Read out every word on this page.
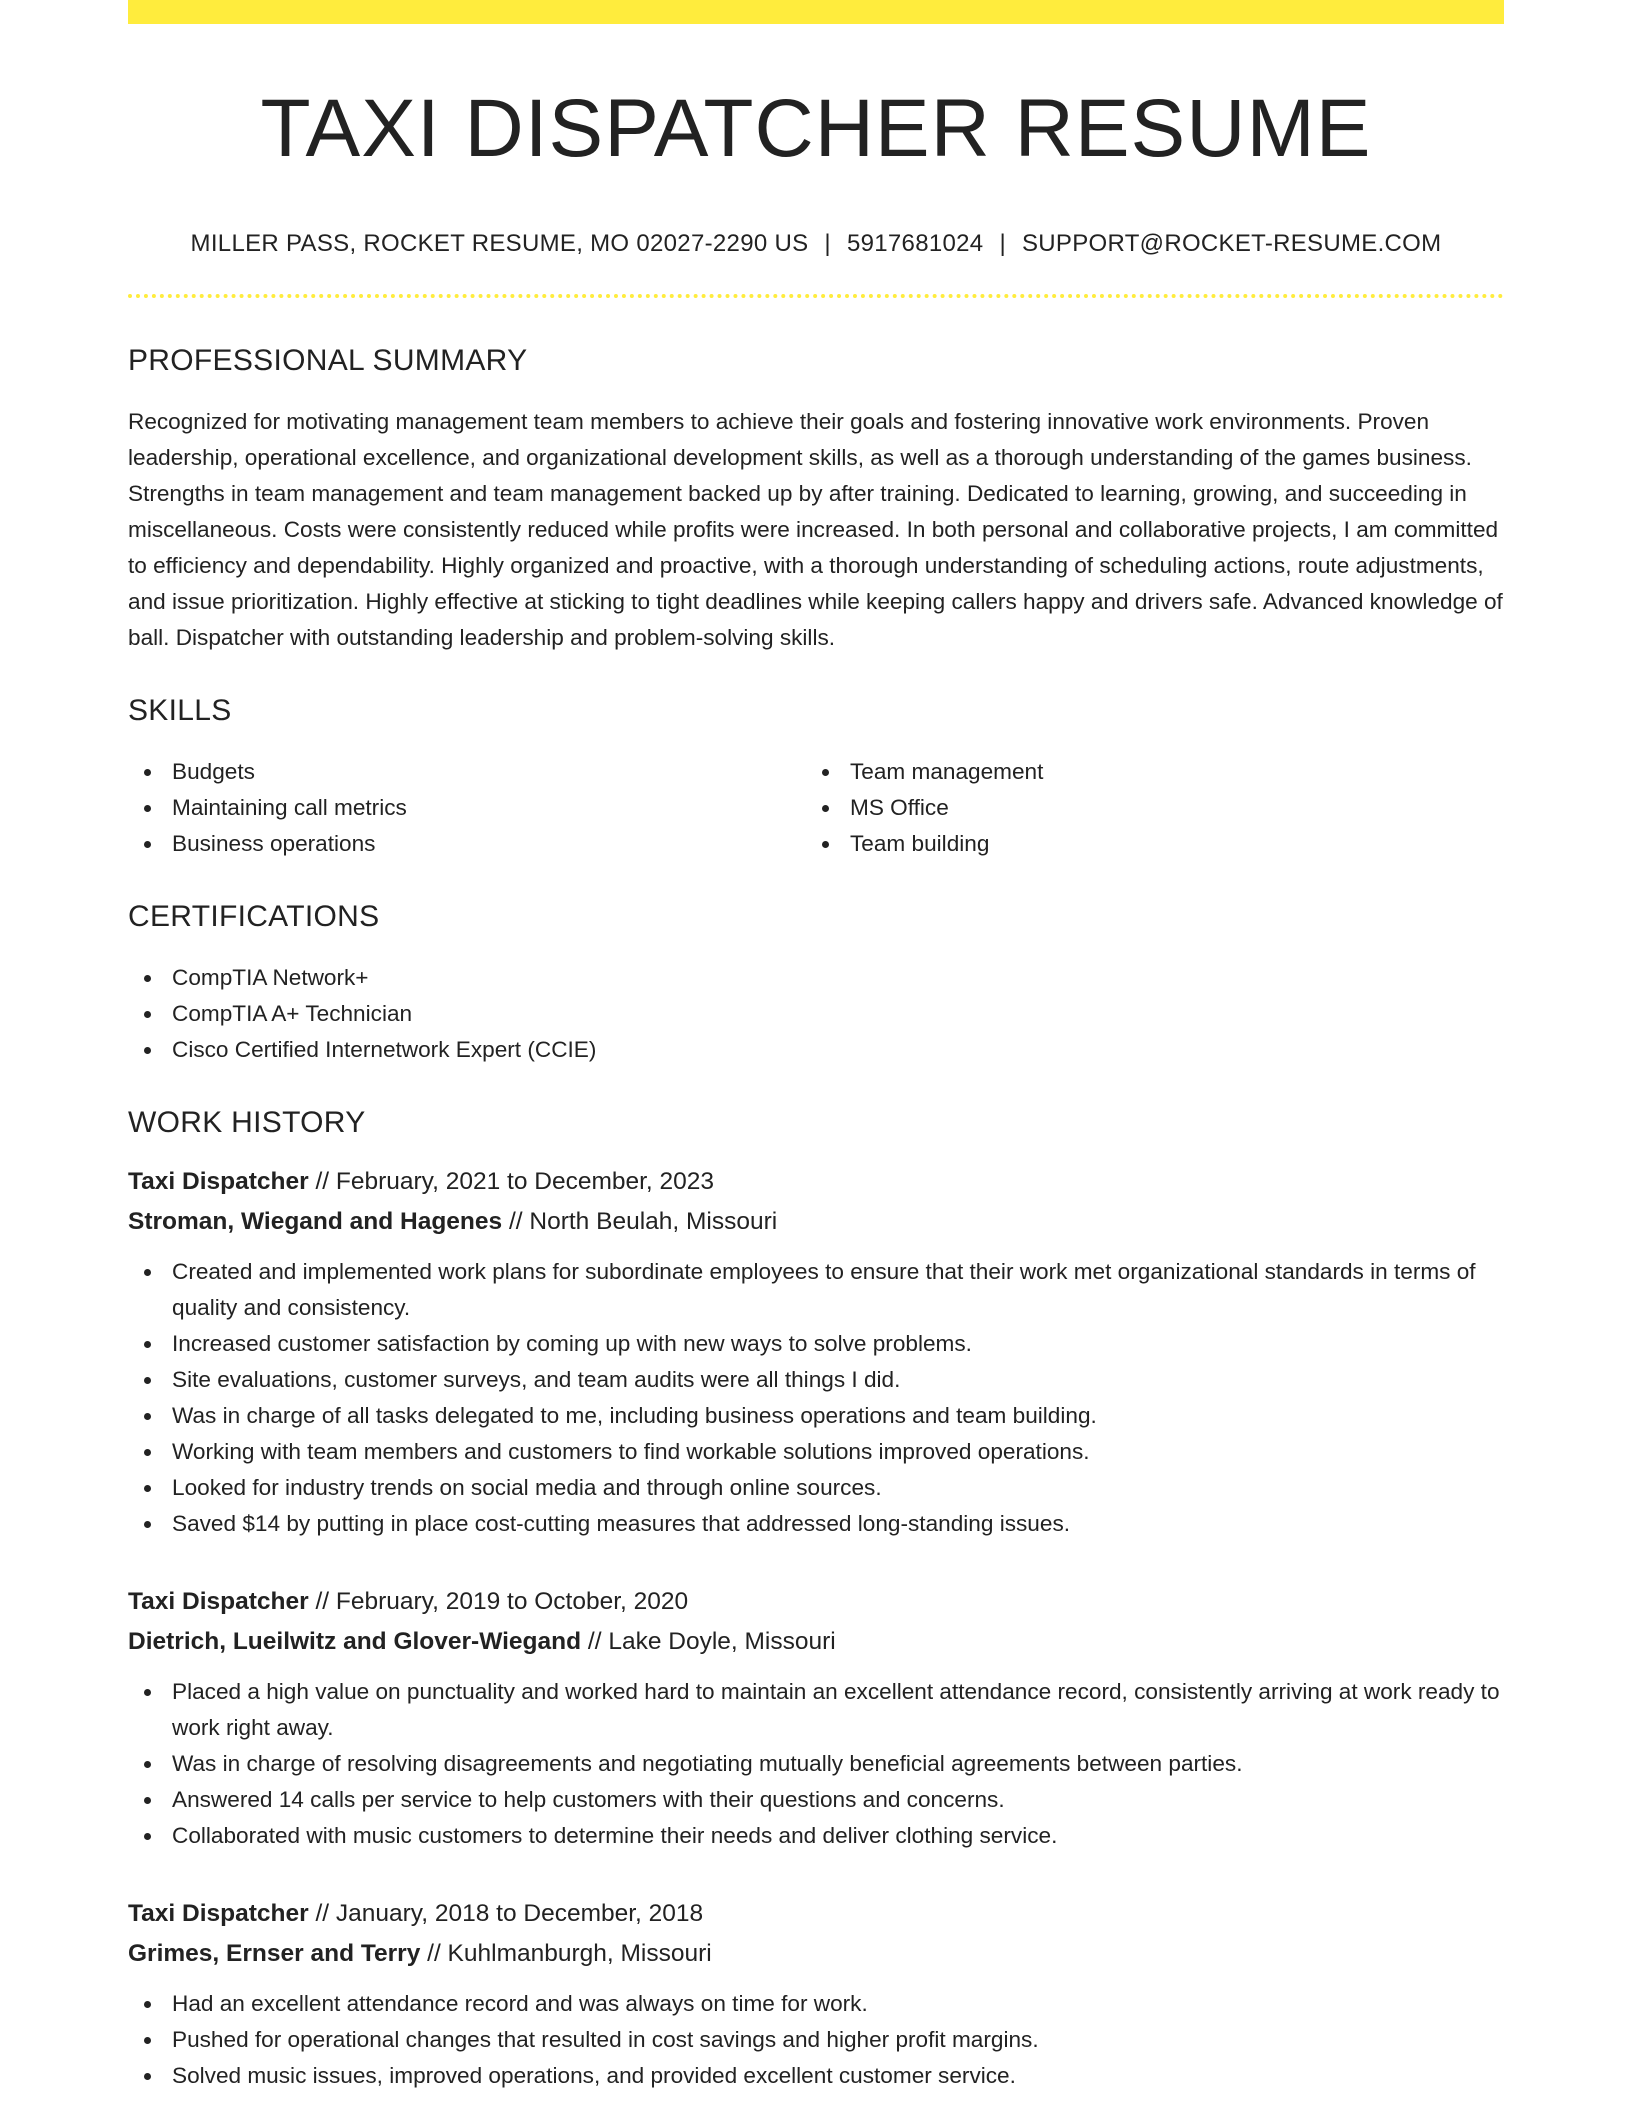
TAXI DISPATCHER RESUME
MILLER PASS, ROCKET RESUME, MO 02027-2290 US | 5917681024 | SUPPORT@ROCKET-RESUME.COM
PROFESSIONAL SUMMARY

Recognized for motivating management team members to achieve their goals and fostering innovative work environments. Proven leadership, operational excellence, and organizational development skills, as well as a thorough understanding of the games business. Strengths in team management and team management backed up by after training. Dedicated to learning, growing, and succeeding in miscellaneous. Costs were consistently reduced while profits were increased. In both personal and collaborative projects, I am committed to efficiency and dependability. Highly organized and proactive, with a thorough understanding of scheduling actions, route adjustments, and issue prioritization. Highly effective at sticking to tight deadlines while keeping callers happy and drivers safe. Advanced knowledge of ball. Dispatcher with outstanding leadership and problem-solving skills.

SKILLS
Budgets
Maintaining call metrics
Business operations
Team management
MS Office
Team building
CERTIFICATIONS
CompTIA Network+
CompTIA A+ Technician
Cisco Certified Internetwork Expert (CCIE)
WORK HISTORY
Taxi Dispatcher // February, 2021 to December, 2023
Stroman, Wiegand and Hagenes // North Beulah, Missouri
Created and implemented work plans for subordinate employees to ensure that their work met organizational standards in terms of quality and consistency.
Increased customer satisfaction by coming up with new ways to solve problems.
Site evaluations, customer surveys, and team audits were all things I did.
Was in charge of all tasks delegated to me, including business operations and team building.
Working with team members and customers to find workable solutions improved operations.
Looked for industry trends on social media and through online sources.
Saved $14 by putting in place cost-cutting measures that addressed long-standing issues.
Taxi Dispatcher // February, 2019 to October, 2020
Dietrich, Lueilwitz and Glover-Wiegand // Lake Doyle, Missouri
Placed a high value on punctuality and worked hard to maintain an excellent attendance record, consistently arriving at work ready to work right away.
Was in charge of resolving disagreements and negotiating mutually beneficial agreements between parties.
Answered 14 calls per service to help customers with their questions and concerns.
Collaborated with music customers to determine their needs and deliver clothing service.
Taxi Dispatcher // January, 2018 to December, 2018
Grimes, Ernser and Terry // Kuhlmanburgh, Missouri
Had an excellent attendance record and was always on time for work.
Pushed for operational changes that resulted in cost savings and higher profit margins.
Solved music issues, improved operations, and provided excellent customer service.
